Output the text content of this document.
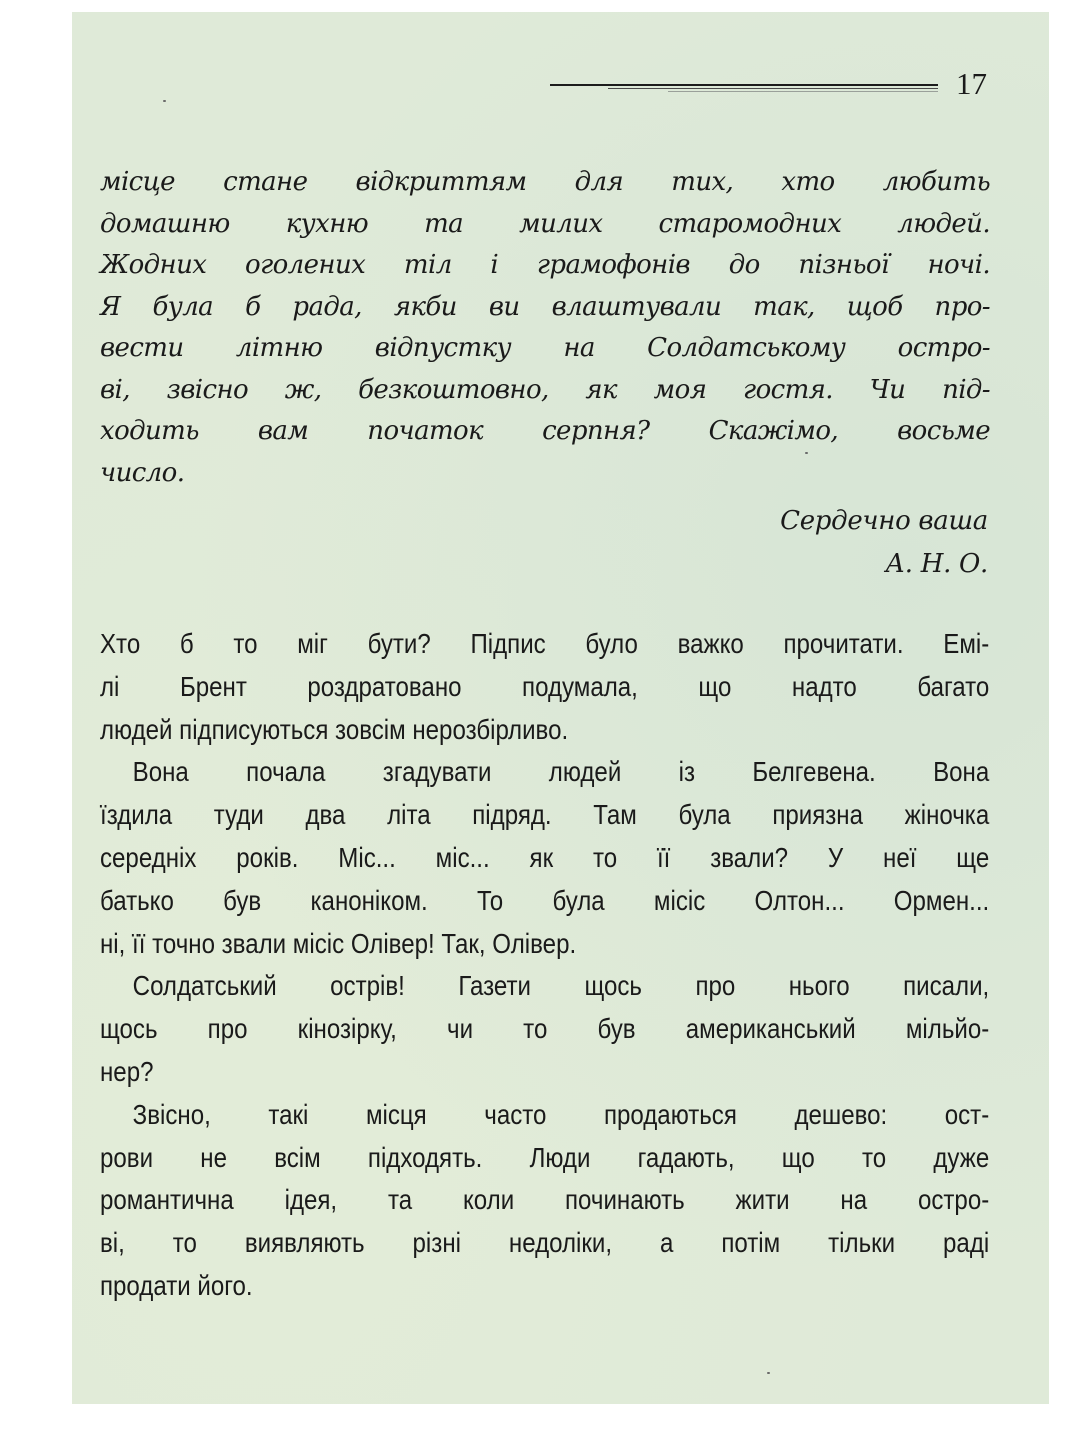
17
місце стане відкриттям для тих, хто любить
домашню кухню та милих старомодних людей.
Жодних оголених тіл і грамофонів до пізньої ночі.
Я була б рада, якби ви влаштували так, щоб про-
вести літню відпустку на Солдатському остро-
ві, звісно ж, безкоштовно, як моя гостя. Чи під-
ходить вам початок серпня? Скажімо, восьме
число.
Сердечно ваша
А. Н. О.
Хто б то міг бути? Підпис було важко прочитати. Емі-
лі Брент роздратовано подумала, що надто багато
людей підписуються зовсім нерозбірливо.
Вона почала згадувати людей із Белгевена. Вона
їздила туди два літа підряд. Там була приязна жіночка
середніх років. Міс... міс... як то її звали? У неї ще
батько був каноніком. То була місіс Олтон... Ормен...
ні, її точно звали місіс Олівер! Так, Олівер.
Солдатський острів! Газети щось про нього писали,
щось про кінозірку, чи то був американський мільйо-
нер?
Звісно, такі місця часто продаються дешево: ост-
рови не всім підходять. Люди гадають, що то дуже
романтична ідея, та коли починають жити на остро-
ві, то виявляють різні недоліки, а потім тільки раді
продати його.
